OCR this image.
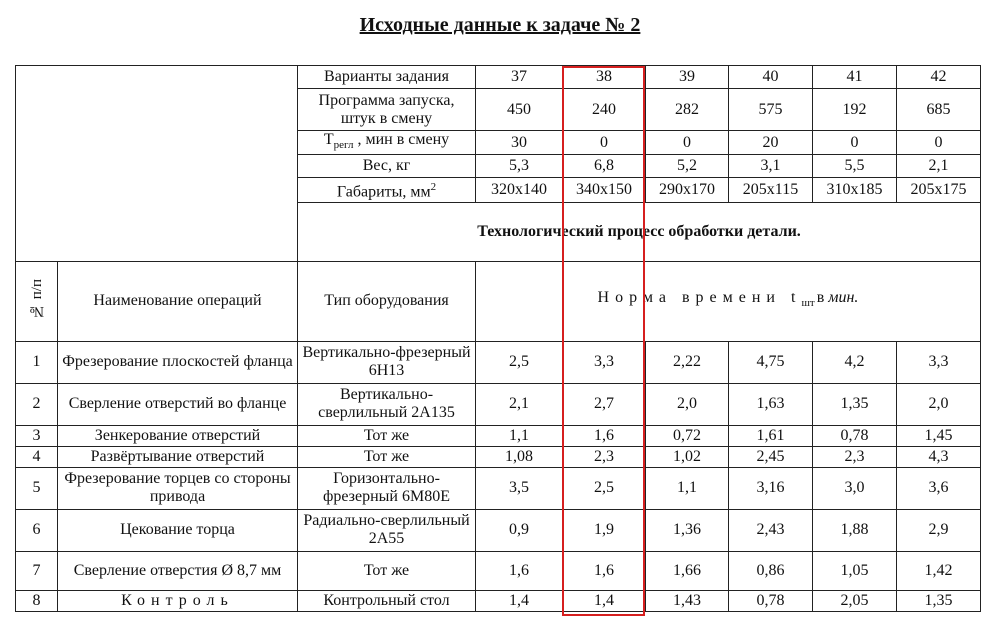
Исходные данные к задаче № 2
		Варианты задания	37	38	39	40	41	42
		Программа запуска, штук в смену	450	240	282	575	192	685
		$T_{регл}$ , мин в смену	30	0	0	20	0	0
		Вес, кг	5,3	6,8	5,2	3,1	5,5	2,1
		Габариты, $мм^2$	320x140	340x150	290x170	205x115	310x185	205x175
		Технологический процесс обработки детали.						
№ п/п	Наименование операций	Тип оборудования	Норма времени $t_{шт}$ в мин.					
1	Фрезерование плоскостей фланца	Вертикально-фрезерный 6Н13	2,5	3,3	2,22	4,75	4,2	3,3
2	Сверление отверстий во фланце	Вертикально-сверлильный 2А135	2,1	2,7	2,0	1,63	1,35	2,0
3	Зенкерование отверстий	Тот же	1,1	1,6	0,72	1,61	0,78	1,45
4	Развёртывание отверстий	Тот же	1,08	2,3	1,02	2,45	2,3	4,3
5	Фрезерование торцев со стороны привода	Горизонтально-фрезерный 6М80Е	3,5	2,5	1,1	3,16	3,0	3,6
6	Цекование торца	Радиально-сверлильный 2А55	0,9	1,9	1,36	2,43	1,88	2,9
7	Сверление отверстия Ø 8,7 мм	Тот же	1,6	1,6	1,66	0,86	1,05	1,42
8	Контроль	Контрольный стол	1,4	1,4	1,43	0,78	2,05	1,35
